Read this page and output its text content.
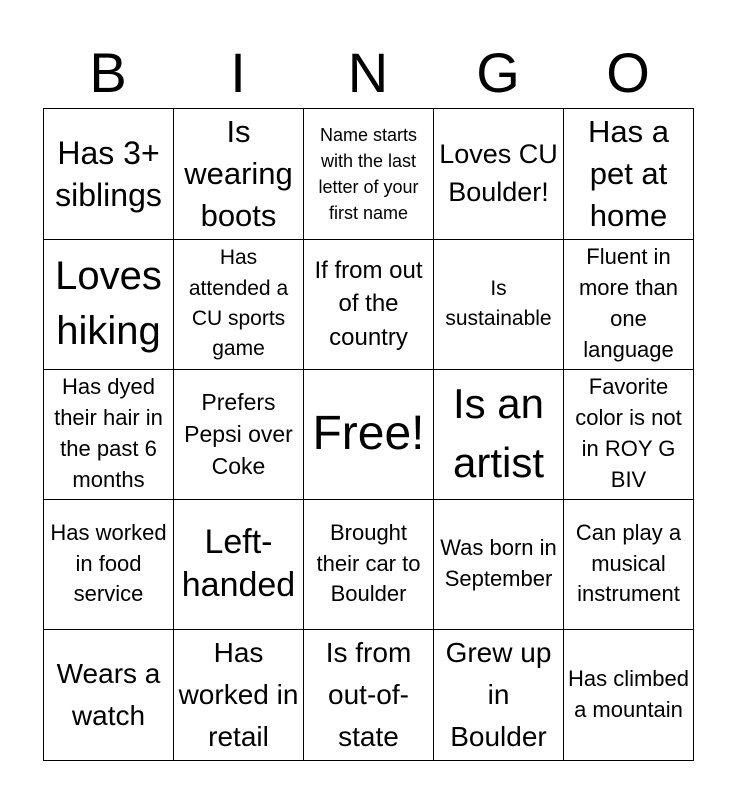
B	I	N	G	O
Has 3+ siblings	Is wearing boots	Name starts with the last letter of your first name	Loves CU Boulder!	Has a pet at home
Loves hiking	Has attended a CU sports game	If from out of the country	Is sustainable	Fluent in more than one language
Has dyed their hair in the past 6 months	Prefers Pepsi over Coke	Free!	Is an artist	Favorite color is not in ROY G BIV
Has worked in food service	Left-handed	Brought their car to Boulder	Was born in September	Can play a musical instrument
Wears a watch	Has worked in retail	Is from out-of-state	Grew up in Boulder	Has climbed a mountain
